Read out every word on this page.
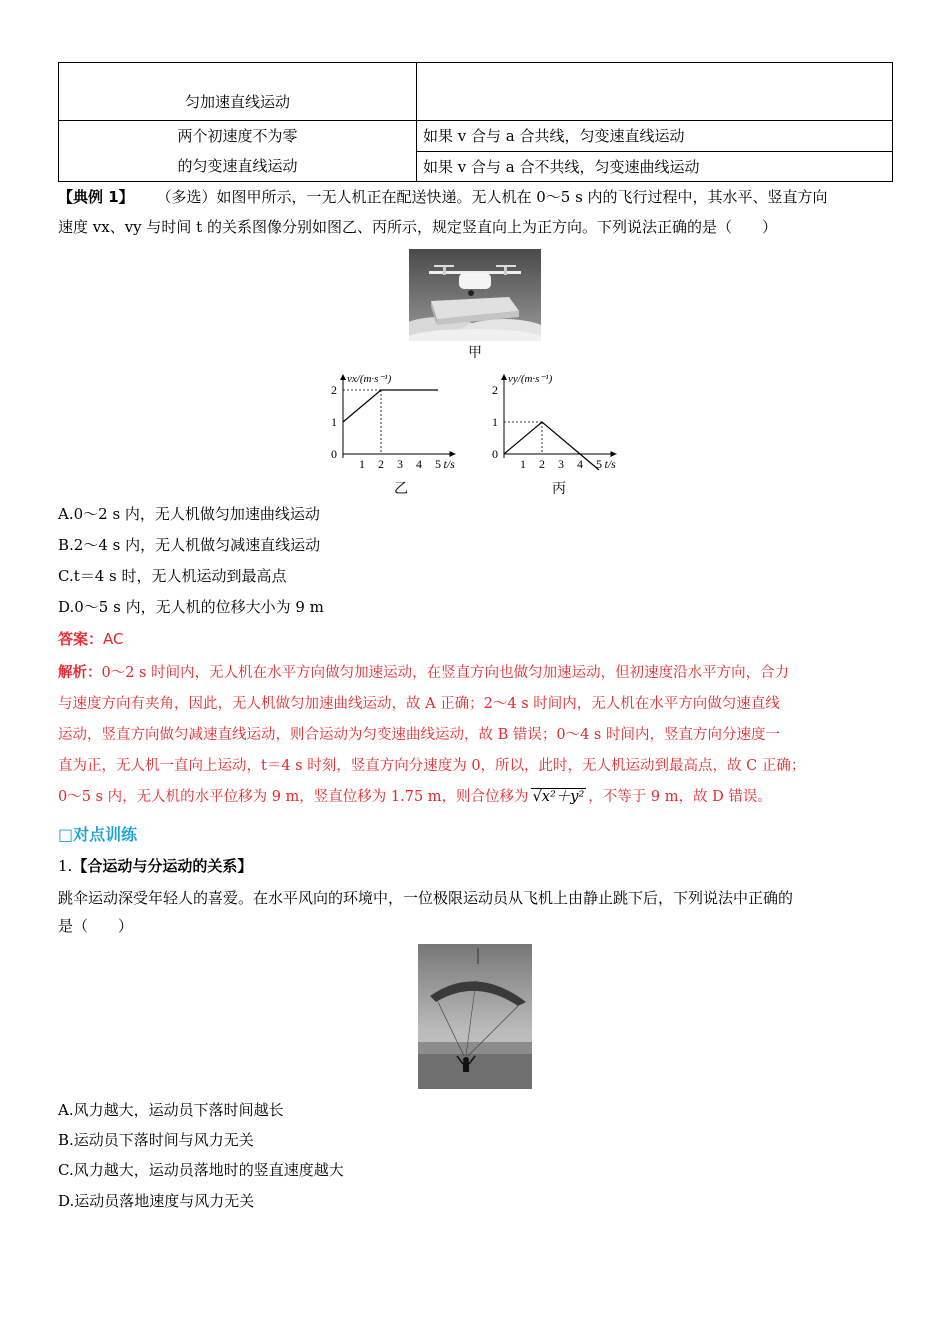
匀加速直线运动	

两个初速度不为零
的匀变速直线运动	如果 v 合与 a 合共线，匀变速直线运动
	如果 v 合与 a 合不共线，匀变速曲线运动
【典例 1】 （多选）如图甲所示，一无人机正在配送快递。无人机在 0～5 s 内的飞行过程中，其水平、竖直方向
速度 vx、vy 与时间 t 的关系图像分别如图乙、丙所示，规定竖直向上为正方向。下列说法正确的是（　　）
甲
1 2 3 4 5
0
1
2
vx/(m·s⁻¹)
t/s
乙
1 2 3 4 5
0
1
2
vy/(m·s⁻¹)
t/s
丙
A.0～2 s 内，无人机做匀加速曲线运动
B.2～4 s 内，无人机做匀减速直线运动
C.t＝4 s 时，无人机运动到最高点
D.0～5 s 内，无人机的位移大小为 9 m
答案：AC
解析：0～2 s 时间内，无人机在水平方向做匀加速运动，在竖直方向也做匀加速运动，但初速度沿水平方向，合力
与速度方向有夹角，因此，无人机做匀加速曲线运动，故 A 正确；2～4 s 时间内，无人机在水平方向做匀速直线
运动，竖直方向做匀减速直线运动，则合运动为匀变速曲线运动，故 B 错误；0～4 s 时间内，竖直方向分速度一
直为正，无人机一直向上运动，t＝4 s 时刻，竖直方向分速度为 0，所以，此时，无人机运动到最高点，故 C 正确；
0～5 s 内，无人机的水平位移为 9 m，竖直位移为 1.75 m，则合位移为 √x²＋y² ，不等于 9 m，故 D 错误。
□对点训练
1.【合运动与分运动的关系】
跳伞运动深受年轻人的喜爱。在水平风向的环境中，一位极限运动员从飞机上由静止跳下后，下列说法中正确的
是（　　）
A.风力越大，运动员下落时间越长
B.运动员下落时间与风力无关
C.风力越大，运动员落地时的竖直速度越大
D.运动员落地速度与风力无关
